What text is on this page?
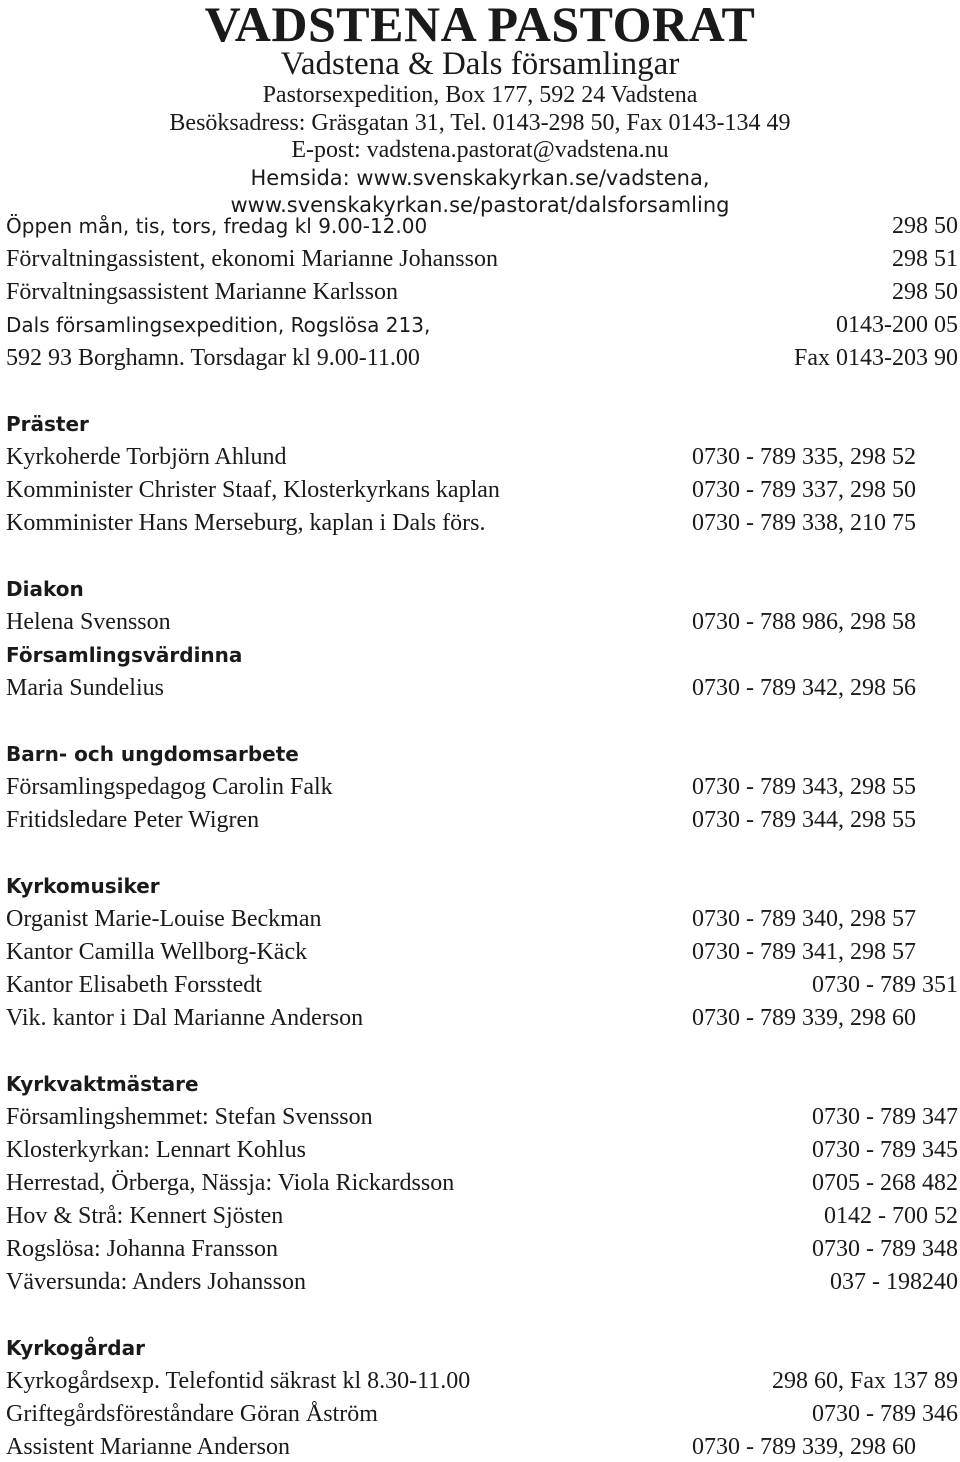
VADSTENA PASTORAT
Vadstena & Dals församlingar
Pastorsexpedition, Box 177, 592 24 Vadstena
Besöksadress: Gräsgatan 31, Tel. 0143-298 50, Fax 0143-134 49
E-post: vadstena.pastorat@vadstena.nu
Hemsida: www.svenskakyrkan.se/vadstena, www.svenskakyrkan.se/pastorat/dalsforsamling
Öppen mån, tis, tors, fredag kl 9.00-12.00	298 50
Förvaltningassistent, ekonomi Marianne Johansson	298 51
Förvaltningsassistent Marianne Karlsson	298 50
Dals församlingsexpedition, Rogslösa 213,	0143-200 05
592 93 Borghamn. Torsdagar kl 9.00-11.00	Fax 0143-203 90
Präster
Kyrkoherde Torbjörn Ahlund	0730 - 789 335, 298 52
Komminister Christer Staaf, Klosterkyrkans kaplan	0730 - 789 337, 298 50
Komminister Hans Merseburg, kaplan i Dals förs.	0730 - 789 338, 210 75
Diakon
Helena Svensson	0730 - 788 986, 298 58
Församlingsvärdinna
Maria Sundelius	0730 - 789 342, 298 56
Barn- och ungdomsarbete
Församlingspedagog Carolin Falk	0730 - 789 343, 298 55
Fritidsledare Peter Wigren	0730 - 789 344, 298 55
Kyrkomusiker
Organist Marie-Louise Beckman	0730 - 789 340, 298 57
Kantor Camilla Wellborg-Käck	0730 - 789 341, 298 57
Kantor Elisabeth Forsstedt	0730 - 789 351
Vik. kantor i Dal Marianne Anderson	0730 - 789 339, 298 60
Kyrkvaktmästare
Församlingshemmet: Stefan Svensson	0730 - 789 347
Klosterkyrkan: Lennart Kohlus	0730 - 789 345
Herrestad, Örberga, Nässja: Viola Rickardsson	0705 - 268 482
Hov & Strå: Kennert Sjösten	0142 - 700 52
Rogslösa: Johanna Fransson	0730 - 789 348
Väversunda: Anders Johansson	037 - 198240
Kyrkogårdar
Kyrkogårdsexp. Telefontid säkrast kl 8.30-11.00	298 60, Fax 137 89
Griftegårdsföreståndare Göran Åström	0730 - 789 346
Assistent Marianne Anderson	0730 - 789 339, 298 60
